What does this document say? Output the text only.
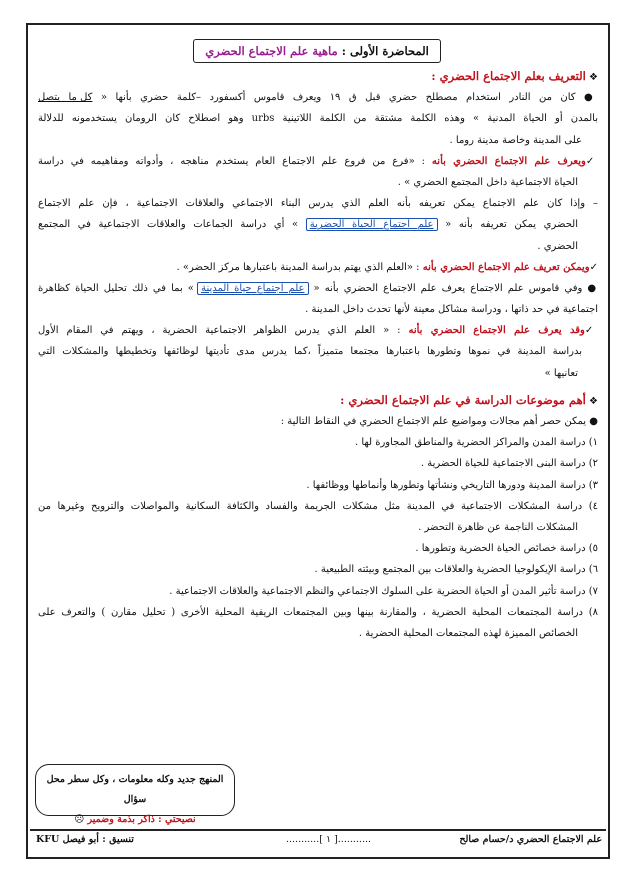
المحاضرة الأولى :
ماهية علم الاجتماع الحضري
❖ التعريف بعلم الاجتماع الحضري :
● كان من النادر استخدام مصطلح حضري قبل ق ١٩ ويعرف قاموس أكسفورد –كلمة حضري بأنها « كل ما يتصل
بالمدن أو الحياة المدنية » وهذه الكلمة مشتقة من الكلمة اللاتينية urbs وهو اصطلاح كان الرومان يستخدمونه للدلالة
على المدينة وخاصة مدينة روما .
✓ويعرف علم الاجتماع الحضري بأنه : «فرع من فروع علم الاجتماع العام يستخدم مناهجه ، وأدواته ومفاهيمه في دراسة
الحياة الاجتماعية داخل المجتمع الحضري » .
– وإذا كان علم الاجتماع يمكن تعريفه بأنه العلم الذي يدرس البناء الاجتماعي والعلاقات الاجتماعية ، فإن علم الاجتماع
الحضري يمكن تعريفه بأنه « علم اجتماع الحياة الحضرية » أي دراسة الجماعات والعلاقات الاجتماعية في المجتمع
الحضري .
✓ويمكن تعريف علم الاجتماع الحضري بأنه : «العلم الذي يهتم بدراسة المدينة باعتبارها مركز الحضر» .
● وفي قاموس علم الاجتماع يعرف علم الاجتماع الحضري بأنه « علم اجتماع حياة المدينة » بما في ذلك تحليل الحياة كظاهرة
اجتماعية في حد ذاتها ، ودراسة مشاكل معينة لأنها تحدث داخل المدينة .
✓وقد يعرف علم الاجتماع الحضري بأنه : « العلم الذي يدرس الظواهر الاجتماعية الحضرية ، ويهتم في المقام الأول
بدراسة المدينة في نموها وتطورها باعتبارها مجتمعا متميزاً ،كما يدرس مدى تأديتها لوظائفها وتخطيطها والمشكلات التي
تعانيها »
❖ أهم موضوعات الدراسة في علم الاجتماع الحضري :
● يمكن حصر أهم مجالات ومواضيع علم الاجتماع الحضري في النقاط التالية :
١) دراسة المدن والمراكز الحضرية والمناطق المجاورة لها .
٢) دراسة البنى الاجتماعية للحياة الحضرية .
٣) دراسة المدينة ودورها التاريخي ونشأتها وتطورها وأنماطها ووظائفها .
٤) دراسة المشكلات الاجتماعية في المدينة مثل مشكلات الجريمة والفساد والكثافة السكانية والمواصلات والترويح وغيرها من
المشكلات الناجمة عن ظاهرة التحضر .
٥) دراسة خصائص الحياة الحضرية وتطورها .
٦) دراسة الإيكولوجيا الحضرية والعلاقات بين المجتمع وبيئته الطبيعية .
٧) دراسة تأثير المدن أو الحياة الحضرية على السلوك الاجتماعي والنظم الاجتماعية والعلاقات الاجتماعية .
٨) دراسة المجتمعات المحلية الحضرية ، والمقارنة بينها وبين المجتمعات الريفية المحلية الأخرى ( تحليل مقارن ) والتعرف على
الخصائص المميزة لهذه المجتمعات المحلية الحضرية .
المنهج جديد وكله معلومات ، وكل سطر محل سؤال
نصيحتي : ذاكر بذمة وضمير ☹
علم الاجتماع الحضري د/حسام صالح
...........[ ١ ]...........
تنسيق : أبو فيصل KFU
